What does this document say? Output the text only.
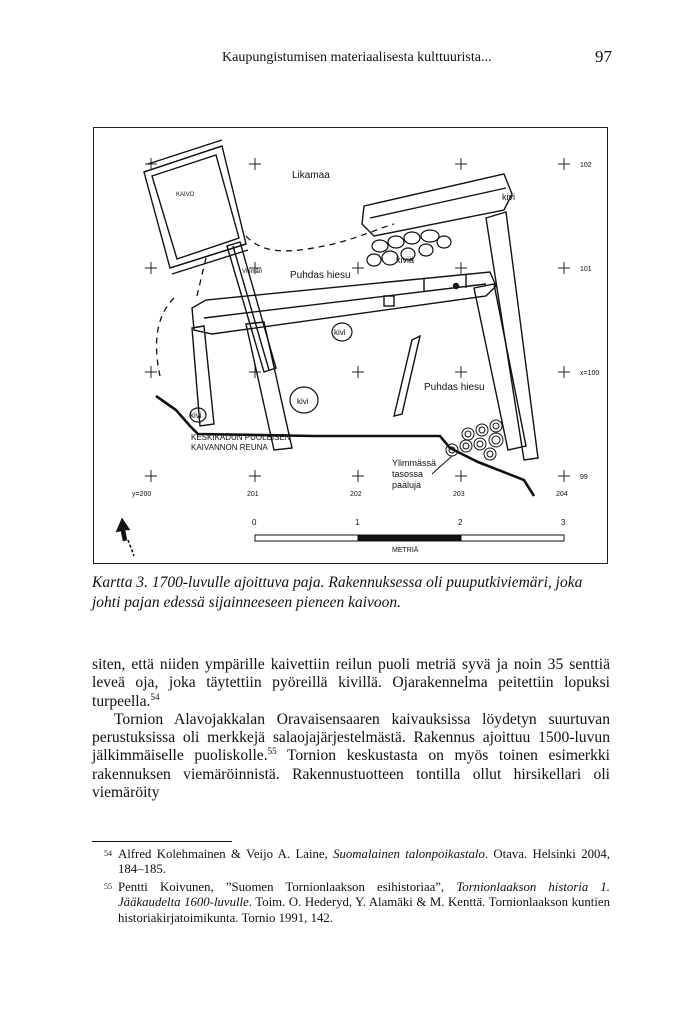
Kaupungistumisen materiaalisesta kulttuurista...	97
KAIVO
Likamaa
kivi
kiviä
Viemäri	Puhdas hiesu
kivi
kivi
kivi
Puhdas hiesu
KESKIKADUN PUOLEISEN
KAIVANNON REUNA
Ylimmässä
tasossa
paaluja
102
101
x=100
99
y=200	201	202	203	204
0	1	2	3
METRIÄ
Kartta 3. 1700-luvulle ajoittuva paja. Rakennuksessa oli puuputkiviemäri, joka johti pajan edessä sijainneeseen pieneen kaivoon.

siten, että niiden ympärille kaivettiin reilun puoli metriä syvä ja noin 35 senttiä leveä oja, joka täytettiin pyöreillä kivillä. Ojarakennelma peitettiin lopuksi turpeella.$^{54}$

Tornion Alavojakkalan Oravaisensaaren kaivauksissa löydetyn suurtuvan perustuksissa oli merkkejä salaojajärjestelmästä. Rakennus ajoittuu 1500-luvun jälkimmäiselle puoliskolle.$^{55}$ Tornion keskustasta on myös toinen esimerkki rakennuksen viemäröinnistä. Rakennustuotteen tontilla ollut hirsikellari oli viemäröity

54 Alfred Kolehmainen & Veijo A. Laine, Suomalainen talonpoikastalo. Otava. Helsinki 2004, 184–185.
55 Pentti Koivunen, ”Suomen Tornionlaakson esihistoriaa”, Tornionlaakson historia 1. Jääkaudelta 1600-luvulle. Toim. O. Hederyd, Y. Alamäki & M. Kenttä. Tornionlaakson kuntien historiakirjatoimikunta. Tornio 1991, 142.
